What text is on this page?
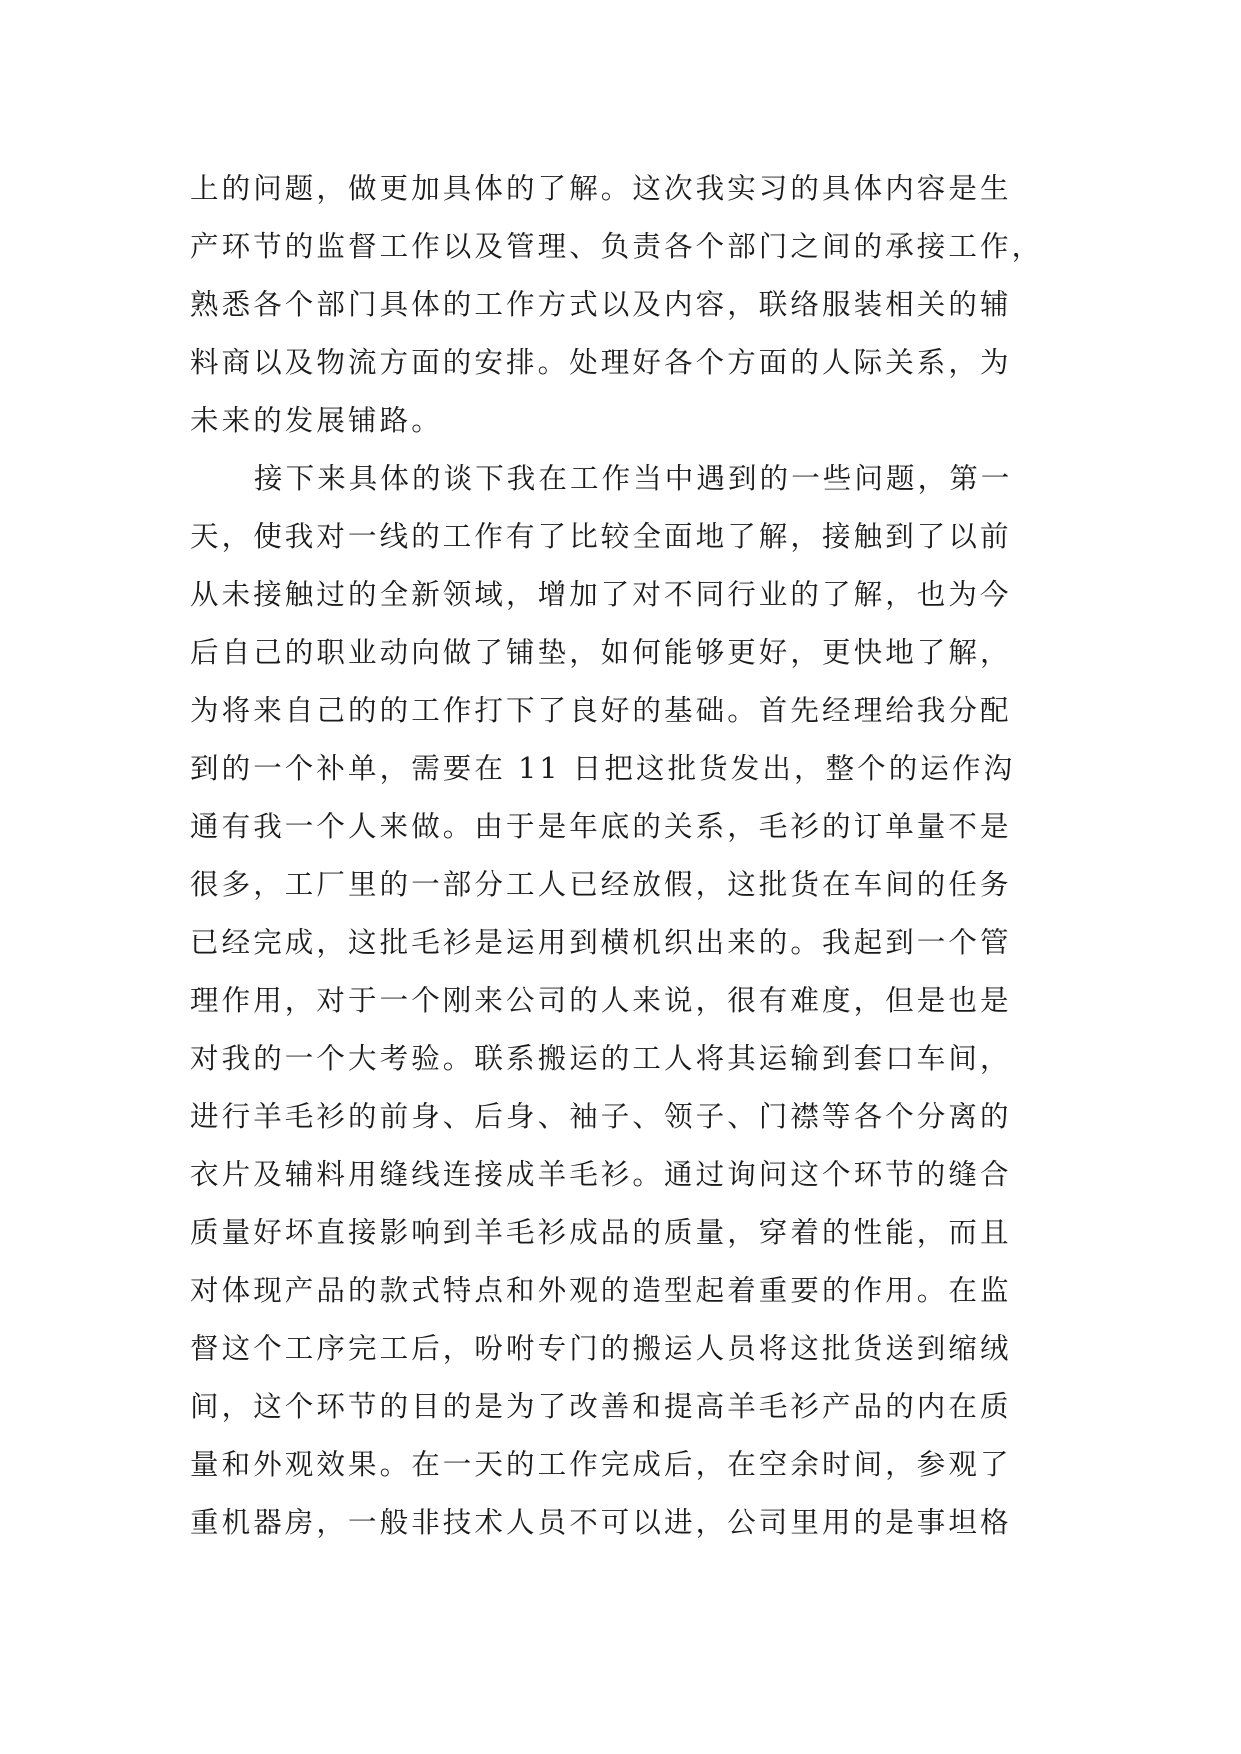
上的问题，做更加具体的了解。这次我实习的具体内容是生
产环节的监督工作以及管理、负责各个部门之间的承接工作，
熟悉各个部门具体的工作方式以及内容，联络服装相关的辅
料商以及物流方面的安排。处理好各个方面的人际关系，为
未来的发展铺路。
接下来具体的谈下我在工作当中遇到的一些问题，第一
天，使我对一线的工作有了比较全面地了解，接触到了以前
从未接触过的全新领域，增加了对不同行业的了解，也为今
后自己的职业动向做了铺垫，如何能够更好，更快地了解，
为将来自己的的工作打下了良好的基础。首先经理给我分配
到的一个补单，需要在 11 日把这批货发出，整个的运作沟
通有我一个人来做。由于是年底的关系，毛衫的订单量不是
很多，工厂里的一部分工人已经放假，这批货在车间的任务
已经完成，这批毛衫是运用到横机织出来的。我起到一个管
理作用，对于一个刚来公司的人来说，很有难度，但是也是
对我的一个大考验。联系搬运的工人将其运输到套口车间，
进行羊毛衫的前身、后身、袖子、领子、门襟等各个分离的
衣片及辅料用缝线连接成羊毛衫。通过询问这个环节的缝合
质量好坏直接影响到羊毛衫成品的质量，穿着的性能，而且
对体现产品的款式特点和外观的造型起着重要的作用。在监
督这个工序完工后，吩咐专门的搬运人员将这批货送到缩绒
间，这个环节的目的是为了改善和提高羊毛衫产品的内在质
量和外观效果。在一天的工作完成后，在空余时间，参观了
重机器房，一般非技术人员不可以进，公司里用的是事坦格
